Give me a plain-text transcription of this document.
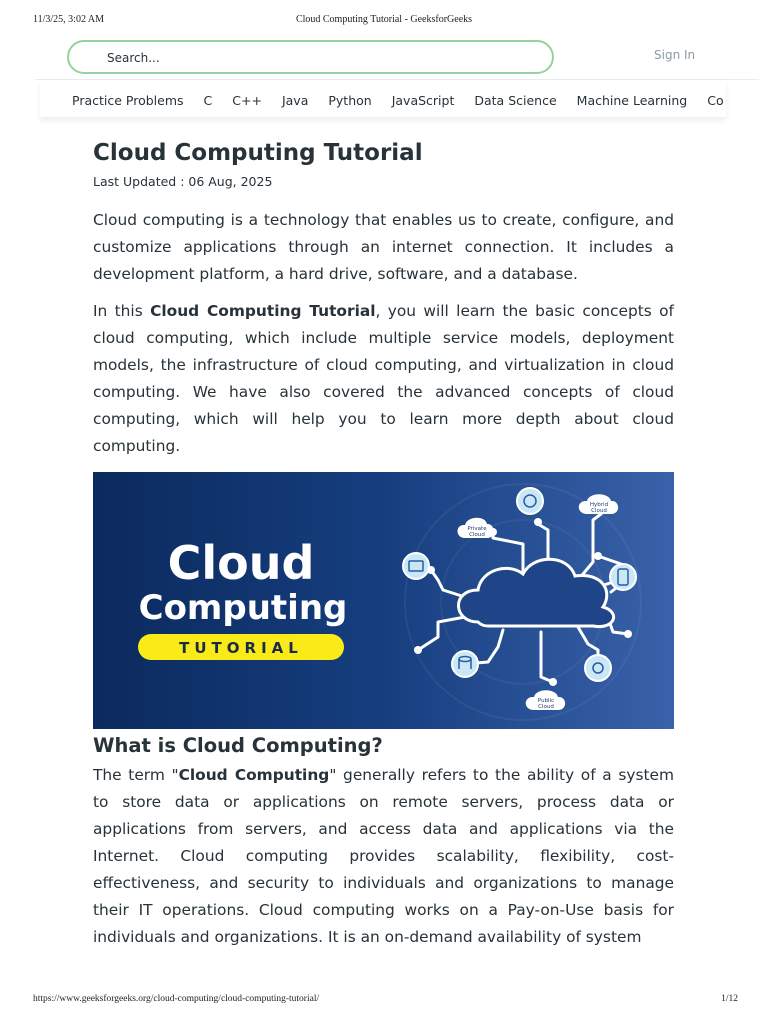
11/3/25, 3:02 AM	Cloud Computing Tutorial - GeeksforGeeks
Search...
Sign In
Practice Problems C C++ Java Python JavaScript Data Science Machine Learning Co
Cloud Computing Tutorial
Last Updated : 06 Aug, 2025

Cloud computing is a technology that enables us to create, configure, and customize applications through an internet connection. It includes a development platform, a hard drive, software, and a database.

In this Cloud Computing Tutorial, you will learn the basic concepts of cloud computing, which include multiple service models, deployment models, the infrastructure of cloud computing, and virtualization in cloud computing. We have also covered the advanced concepts of cloud computing, which will help you to learn more depth about cloud computing.

Cloud
Computing
TUTORIAL
Private
Cloud
Hybrid
Cloud
Public
Cloud
What is Cloud Computing?

The term "Cloud Computing" generally refers to the ability of a system to store data or applications on remote servers, process data or applications from servers, and access data and applications via the Internet. Cloud computing provides scalability, flexibility, cost-effectiveness, and security to individuals and organizations to manage their IT operations. Cloud computing works on a Pay-on-Use basis for individuals and organizations. It is an on-demand availability of system

https://www.geeksforgeeks.org/cloud-computing/cloud-computing-tutorial/	1/12
